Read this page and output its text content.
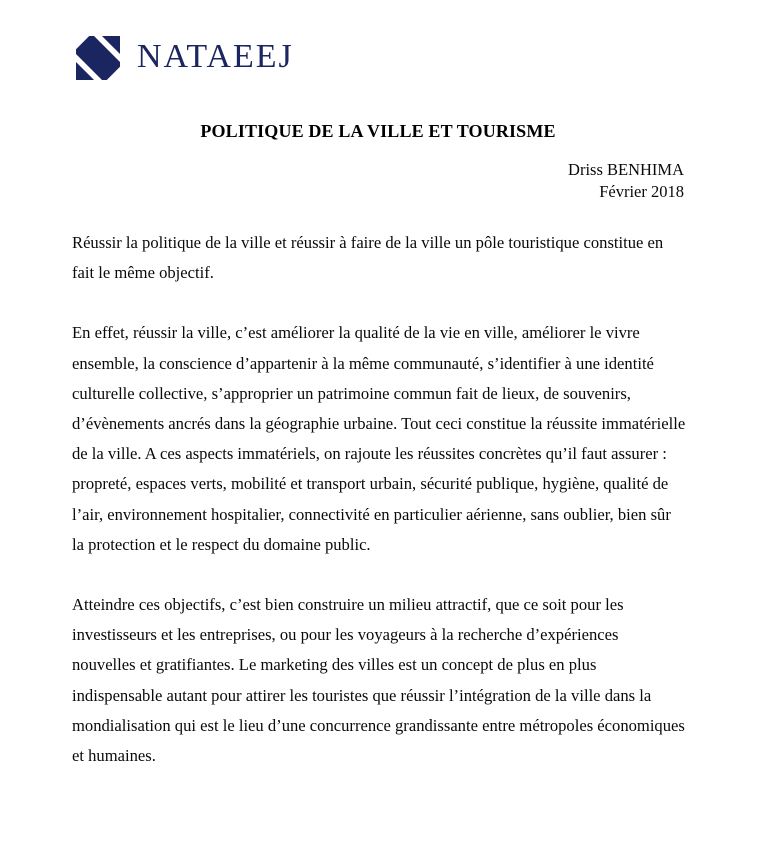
NATAEEJ
POLITIQUE DE LA VILLE ET TOURISME
Driss BENHIMA
Février 2018

Réussir la politique de la ville et réussir à faire de la ville un pôle touristique constitue en fait le même objectif.

En effet, réussir la ville, c’est améliorer la qualité de la vie en ville, améliorer le vivre ensemble, la conscience d’appartenir à la même communauté, s’identifier à une identité culturelle collective, s’approprier un patrimoine commun fait de lieux, de souvenirs, d’évènements ancrés dans la géographie urbaine. Tout ceci constitue la réussite immatérielle de la ville. A ces aspects immatériels, on rajoute les réussites concrètes qu’il faut assurer : propreté, espaces verts, mobilité et transport urbain, sécurité publique, hygiène, qualité de l’air, environnement hospitalier, connectivité en particulier aérienne, sans oublier, bien sûr la protection et le respect du domaine public.

Atteindre ces objectifs, c’est bien construire un milieu attractif, que ce soit pour les investisseurs et les entreprises, ou pour les voyageurs à la recherche d’expériences nouvelles et gratifiantes. Le marketing des villes est un concept de plus en plus indispensable autant pour attirer les touristes que réussir l’intégration de la ville dans la mondialisation qui est le lieu d’une concurrence grandissante entre métropoles économiques et humaines.
